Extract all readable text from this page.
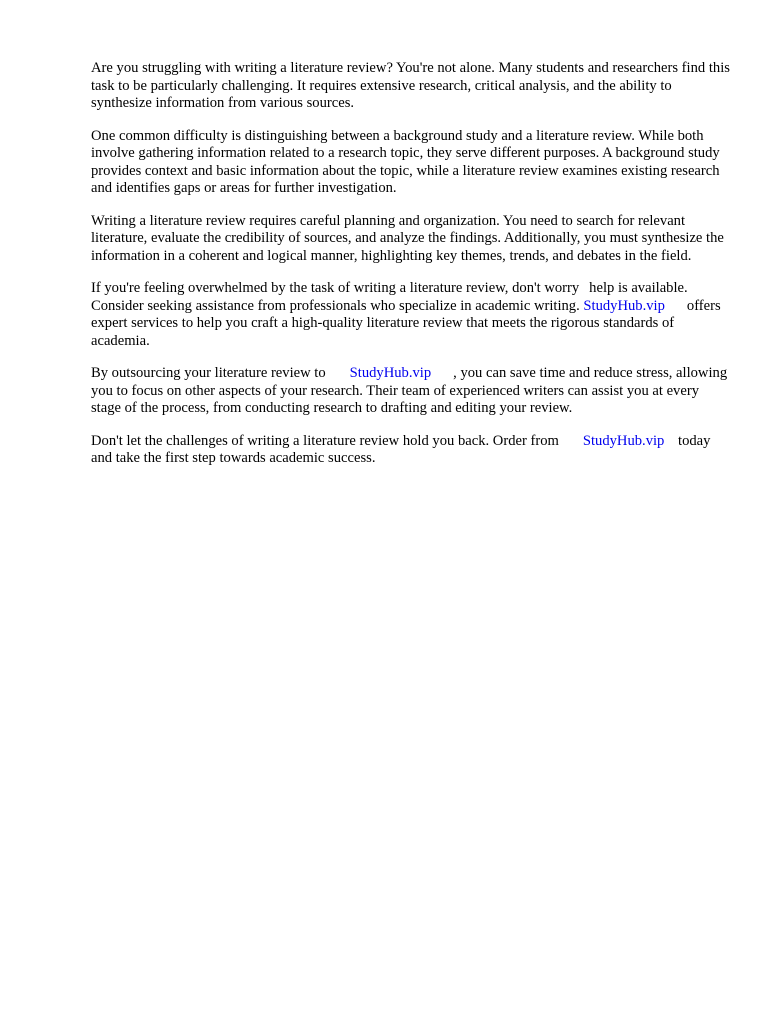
Are you struggling with writing a literature review? You're not alone. Many students and researchers find this task to be particularly challenging. It requires extensive research, critical analysis, and the ability to synthesize information from various sources.

One common difficulty is distinguishing between a background study and a literature review. While both involve gathering information related to a research topic, they serve different purposes. A background study provides context and basic information about the topic, while a literature review examines existing research and identifies gaps or areas for further investigation.

Writing a literature review requires careful planning and organization. You need to search for relevant literature, evaluate the credibility of sources, and analyze the findings. Additionally, you must synthesize the information in a coherent and logical manner, highlighting key themes, trends, and debates in the field.

If you're feeling overwhelmed by the task of writing a literature review, don't worry help is available. Consider seeking assistance from professionals who specialize in academic writing. StudyHub.vip offers expert services to help you craft a high-quality literature review that meets the rigorous standards of academia.

By outsourcing your literature review to StudyHub.vip , you can save time and reduce stress, allowing you to focus on other aspects of your research. Their team of experienced writers can assist you at every stage of the process, from conducting research to drafting and editing your review.

Don't let the challenges of writing a literature review hold you back. Order from StudyHub.vip today and take the first step towards academic success.
